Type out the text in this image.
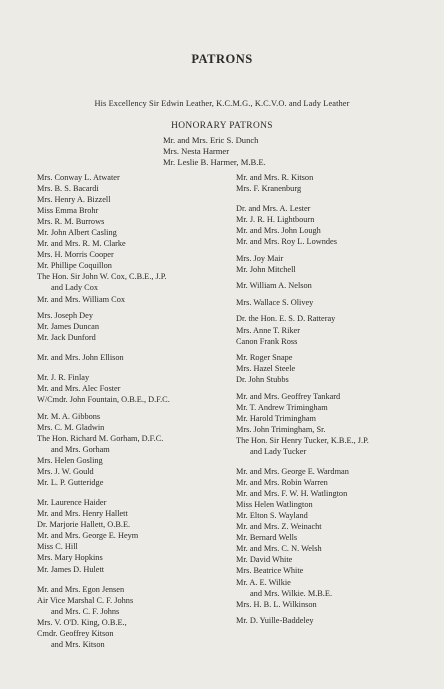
PATRONS
His Excellency Sir Edwin Leather, K.C.M.G., K.C.V.O. and Lady Leather
HONORARY PATRONS
Mr. and Mrs. Eric S. Dunch
Mrs. Nesta Harmer
Mr. Leslie B. Harmer, M.B.E.
Mrs. Conway L. Atwater
Mrs. B. S. Bacardi
Mrs. Henry A. Bizzell
Miss Emma Brohr
Mrs. R. M. Burrows
Mr. John Albert Casling
Mr. and Mrs. R. M. Clarke
Mrs. H. Morris Cooper
Mr. Phillipe Coquillon
The Hon. Sir John W. Cox, C.B.E., J.P.
and Lady Cox
Mr. and Mrs. William Cox
Mrs. Joseph Dey
Mr. James Duncan
Mr. Jack Dunford
Mr. and Mrs. John Ellison
Mr. J. R. Finlay
Mr. and Mrs. Alec Foster
W/Cmdr. John Fountain, O.B.E., D.F.C.
Mr. M. A. Gibbons
Mrs. C. M. Gladwin
The Hon. Richard M. Gorham, D.F.C.
and Mrs. Gorham
Mrs. Helen Gosling
Mrs. J. W. Gould
Mr. L. P. Gutteridge
Mr. Laurence Haider
Mr. and Mrs. Henry Hallett
Dr. Marjorie Hallett, O.B.E.
Mr. and Mrs. George E. Heym
Miss C. Hill
Mrs. Mary Hopkins
Mr. James D. Hulett
Mr. and Mrs. Egon Jensen
Air Vice Marshal C. F. Johns
and Mrs. C. F. Johns
Mrs. V. O'D. King, O.B.E.,
Cmdr. Geoffrey Kitson
and Mrs. Kitson
Mr. and Mrs. R. Kitson
Mrs. F. Kranenburg
Dr. and Mrs. A. Lester
Mr. J. R. H. Lightbourn
Mr. and Mrs. John Lough
Mr. and Mrs. Roy L. Lowndes
Mrs. Joy Mair
Mr. John Mitchell
Mr. William A. Nelson
Mrs. Wallace S. Olivey
Dr. the Hon. E. S. D. Ratteray
Mrs. Anne T. Riker
Canon Frank Ross
Mr. Roger Snape
Mrs. Hazel Steele
Dr. John Stubbs
Mr. and Mrs. Geoffrey Tankard
Mr. T. Andrew Trimingham
Mr. Harold Trimingham
Mrs. John Trimingham, Sr.
The Hon. Sir Henry Tucker, K.B.E., J.P.
and Lady Tucker
Mr. and Mrs. George E. Wardman
Mr. and Mrs. Robin Warren
Mr. and Mrs. F. W. H. Watlington
Miss Helen Watlington
Mr. Elton S. Wayland
Mr. and Mrs. Z. Weinacht
Mr. Bernard Wells
Mr. and Mrs. C. N. Welsh
Mr. David White
Mrs. Beatrice White
Mr. A. E. Wilkie
and Mrs. Wilkie. M.B.E.
Mrs. H. B. L. Wilkinson
Mr. D. Yuille-Baddeley
